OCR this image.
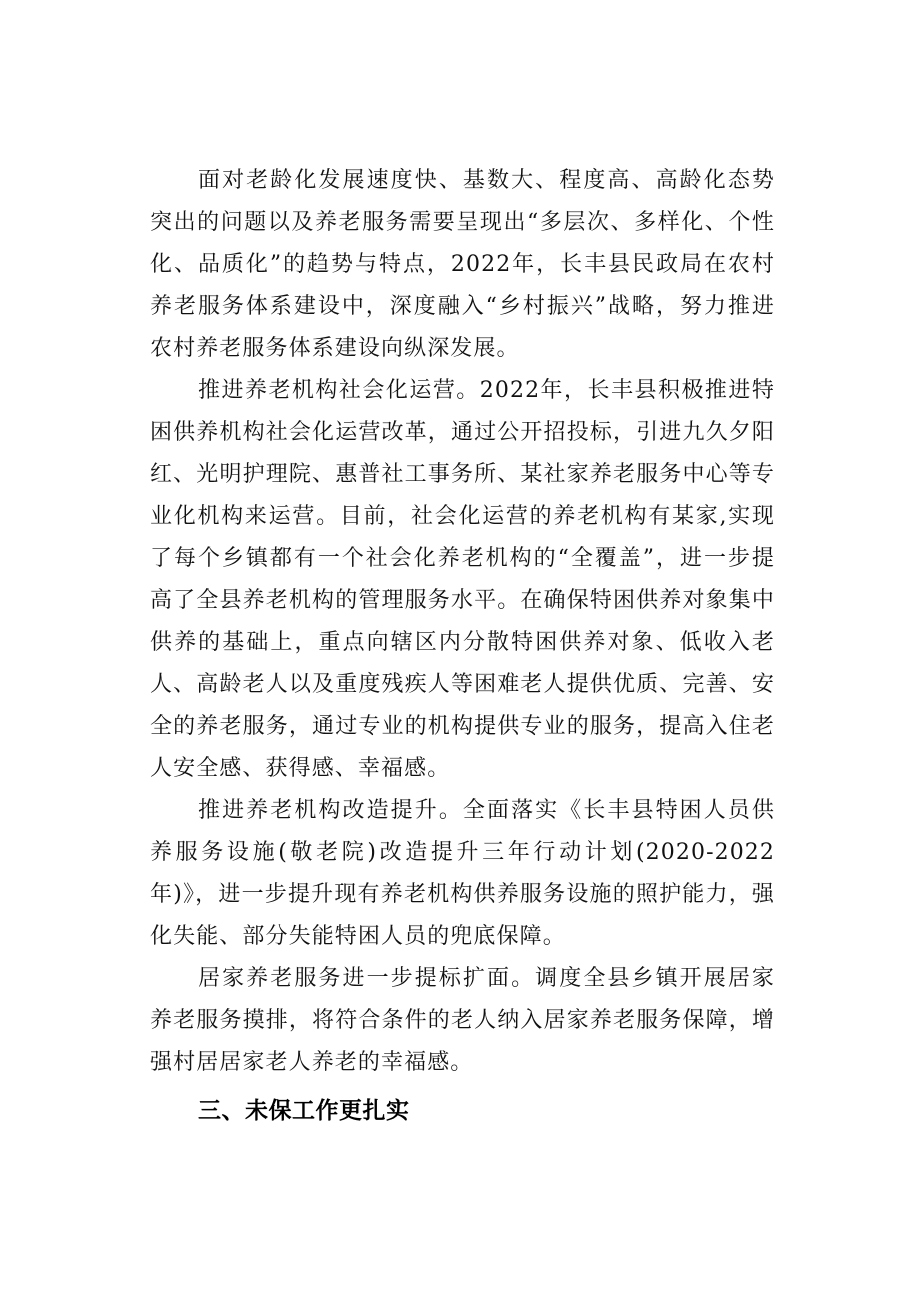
面对老龄化发展速度快、基数大、程度高、高龄化态势突出的问题以及养老服务需要呈现出“多层次、多样化、个性化、品质化”的趋势与特点，2022年，长丰县民政局在农村养老服务体系建设中，深度融入“乡村振兴”战略，努力推进农村养老服务体系建设向纵深发展。

推进养老机构社会化运营。2022年，长丰县积极推进特困供养机构社会化运营改革，通过公开招投标，引进九久夕阳红、光明护理院、惠普社工事务所、某社家养老服务中心等专业化机构来运营。目前，社会化运营的养老机构有某家,实现了每个乡镇都有一个社会化养老机构的“全覆盖”，进一步提高了全县养老机构的管理服务水平。在确保特困供养对象集中供养的基础上，重点向辖区内分散特困供养对象、低收入老人、高龄老人以及重度残疾人等困难老人提供优质、完善、安全的养老服务，通过专业的机构提供专业的服务，提高入住老人安全感、获得感、幸福感。

推进养老机构改造提升。全面落实《长丰县特困人员供养服务设施(敬老院)改造提升三年行动计划(2020-2022年)》，进一步提升现有养老机构供养服务设施的照护能力，强化失能、部分失能特困人员的兜底保障。

居家养老服务进一步提标扩面。调度全县乡镇开展居家养老服务摸排，将符合条件的老人纳入居家养老服务保障，增强村居居家老人养老的幸福感。

三、未保工作更扎实
